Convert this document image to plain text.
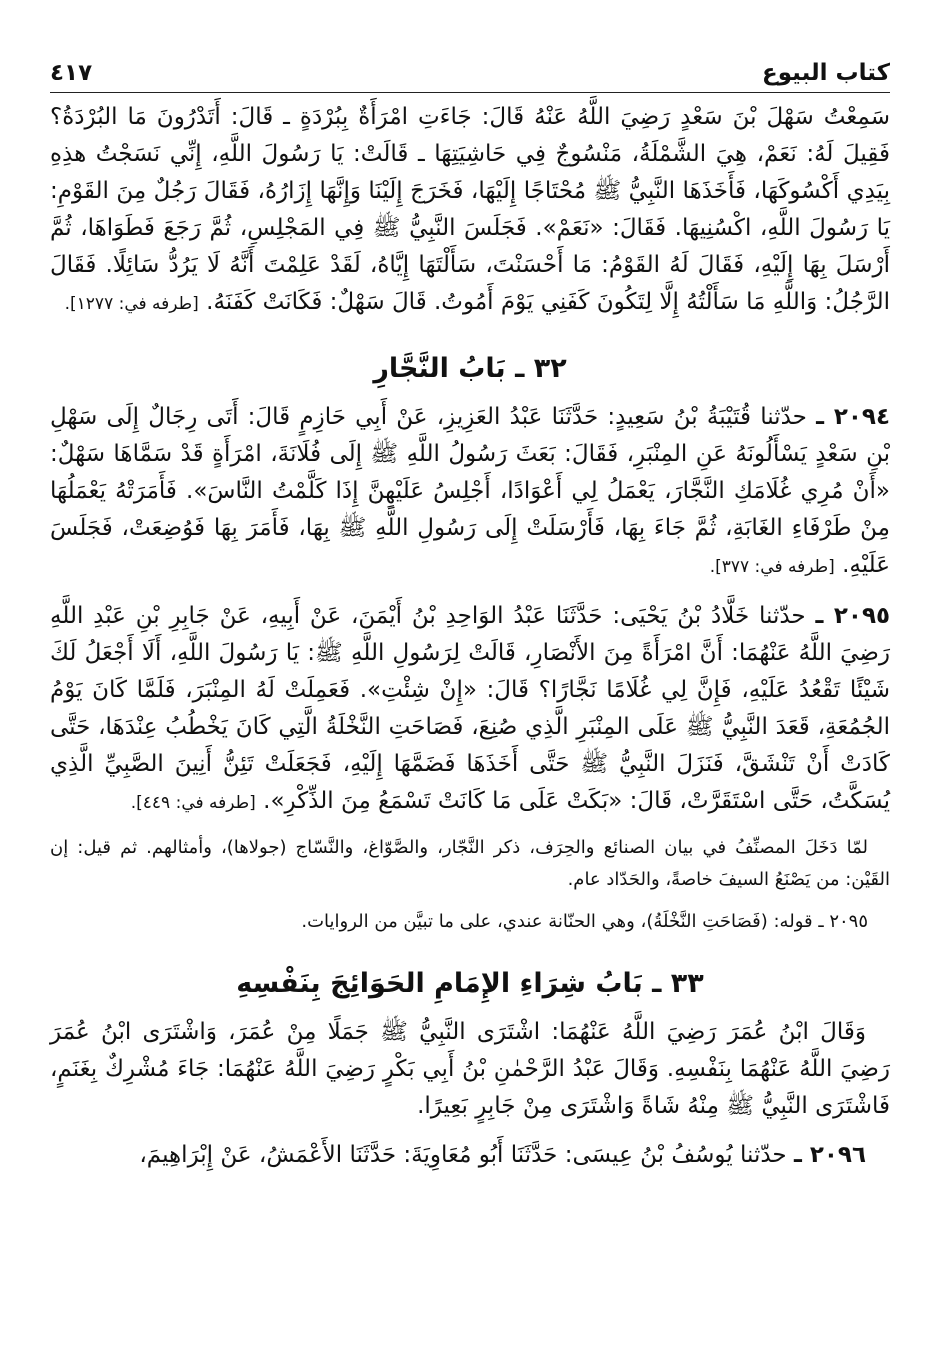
كتاب البيوع
٤١٧

سَمِعْتُ سَهْلَ بْنَ سَعْدٍ رَضِيَ اللَّهُ عَنْهُ قَالَ: جَاءَتِ امْرَأَةٌ بِبُرْدَةٍ ـ قَالَ: أَتَدْرُونَ مَا البُرْدَةُ؟ فَقِيلَ لَهُ: نَعَمْ، هِيَ الشَّمْلَةُ، مَنْسُوجٌ فِي حَاشِيَتِهَا ـ قَالَتْ: يَا رَسُولَ اللَّهِ، إِنِّي نَسَجْتُ هذِهِ بِيَدِي أَكْسُوكَهَا، فَأَخَذَهَا النَّبِيُّ ﷺ مُحْتَاجًا إِلَيْهَا، فَخَرَجَ إِلَيْنَا وَإِنَّهَا إِزَارُهُ، فَقَالَ رَجُلٌ مِنَ القَوْمِ: يَا رَسُولَ اللَّهِ، اكْسُنِيهَا. فَقَالَ: «نَعَمْ». فَجَلَسَ النَّبِيُّ ﷺ فِي المَجْلِسِ، ثُمَّ رَجَعَ فَطَوَاهَا، ثُمَّ أَرْسَلَ بِهَا إِلَيْهِ، فَقَالَ لَهُ القَوْمُ: مَا أَحْسَنْتَ، سَأَلْتَهَا إِيَّاهُ، لَقَدْ عَلِمْتَ أَنَّهُ لَا يَرُدُّ سَائِلًا. فَقَالَ الرَّجُلُ: وَاللَّهِ مَا سَأَلْتُهُ إِلَّا لِتَكُونَ كَفَنِي يَوْمَ أَمُوتُ. قَالَ سَهْلٌ: فَكَانَتْ كَفَنَهُ. [طرفه في: ١٢٧٧].

٣٢ ـ بَابُ النَّجَّارِ

٢٠٩٤ ـ حدّثنا قُتَيْبَةُ بْنُ سَعِيدٍ: حَدَّثَنَا عَبْدُ العَزِيزِ، عَنْ أَبِي حَازِمٍ قَالَ: أَتَى رِجَالٌ إِلَى سَهْلِ بْنِ سَعْدٍ يَسْأَلُونَهُ عَنِ المِنْبَرِ، فَقَالَ: بَعَثَ رَسُولُ اللَّهِ ﷺ إِلَى فُلَانَةَ، امْرَأَةٍ قَدْ سَمَّاهَا سَهْلٌ: «أَنْ مُرِي غُلَامَكِ النَّجَّارَ، يَعْمَلُ لِي أَعْوَادًا، أَجْلِسُ عَلَيْهِنَّ إِذَا كَلَّمْتُ النَّاسَ». فَأَمَرَتْهُ يَعْمَلُهَا مِنْ طَرْفَاءِ الغَابَةِ، ثُمَّ جَاءَ بِهَا، فَأَرْسَلَتْ إِلَى رَسُولِ اللَّهِ ﷺ بِهَا، فَأَمَرَ بِهَا فَوُضِعَتْ، فَجَلَسَ عَلَيْهِ. [طرفه في: ٣٧٧].

٢٠٩٥ ـ حدّثنا خَلَّادُ بْنُ يَحْيَى: حَدَّثَنَا عَبْدُ الوَاحِدِ بْنُ أَيْمَنَ، عَنْ أَبِيهِ، عَنْ جَابِرِ بْنِ عَبْدِ اللَّهِ رَضِيَ اللَّهُ عَنْهُمَا: أَنَّ امْرَأَةً مِنَ الأَنْصَارِ، قَالَتْ لِرَسُولِ اللَّهِ ﷺ: يَا رَسُولَ اللَّهِ، أَلَا أَجْعَلُ لَكَ شَيْئًا تَقْعُدُ عَلَيْهِ، فَإِنَّ لِي غُلَامًا نَجَّارًا؟ قَالَ: «إِنْ شِئْتِ». فَعَمِلَتْ لَهُ المِنْبَرَ، فَلَمَّا كَانَ يَوْمُ الجُمُعَةِ، قَعَدَ النَّبِيُّ ﷺ عَلَى المِنْبَرِ الَّذِي صُنِعَ، فَصَاحَتِ النَّخْلَةُ الَّتِي كَانَ يَخْطُبُ عِنْدَهَا، حَتَّى كَادَتْ أَنْ تَنْشَقَّ، فَنَزَلَ النَّبِيُّ ﷺ حَتَّى أَخَذَهَا فَضَمَّهَا إِلَيْهِ، فَجَعَلَتْ تَئِنُّ أَنِينَ الصَّبِيِّ الَّذِي يُسَكَّتُ، حَتَّى اسْتَقَرَّتْ، قَالَ: «بَكَتْ عَلَى مَا كَانَتْ تَسْمَعُ مِنَ الذِّكْرِ». [طرفه في: ٤٤٩].

لمّا دَخَلَ المصنِّفُ في بيان الصنائع والحِرَف، ذكر النَّجّار، والصَّوّاغ، والنَّسّاج (جولاها)، وأمثالهم. ثم قيل: إن القَيْن: من يَصْنَعُ السيفَ خاصةً، والحَدّاد عام.

٢٠٩٥ ـ قوله: (فَصَاحَتِ النَّخْلَةُ)، وهي الحنّانة عندي، على ما تبيَّن من الروايات.

٣٣ ـ بَابُ شِرَاءِ الإِمَامِ الحَوَائِجَ بِنَفْسِهِ

وَقَالَ ابْنُ عُمَرَ رَضِيَ اللَّهُ عَنْهُمَا: اشْتَرَى النَّبِيُّ ﷺ جَمَلًا مِنْ عُمَرَ، وَاشْتَرَى ابْنُ عُمَرَ رَضِيَ اللَّهُ عَنْهُمَا بِنَفْسِهِ. وَقَالَ عَبْدُ الرَّحْمٰنِ بْنُ أَبِي بَكْرٍ رَضِيَ اللَّهُ عَنْهُمَا: جَاءَ مُشْرِكٌ بِغَنَمٍ، فَاشْتَرَى النَّبِيُّ ﷺ مِنْهُ شَاةً وَاشْتَرَى مِنْ جَابِرٍ بَعِيرًا.

٢٠٩٦ ـ حدّثنا يُوسُفُ بْنُ عِيسَى: حَدَّثَنَا أَبُو مُعَاوِيَةَ: حَدَّثَنَا الأَعْمَشُ، عَنْ إِبْرَاهِيمَ،
